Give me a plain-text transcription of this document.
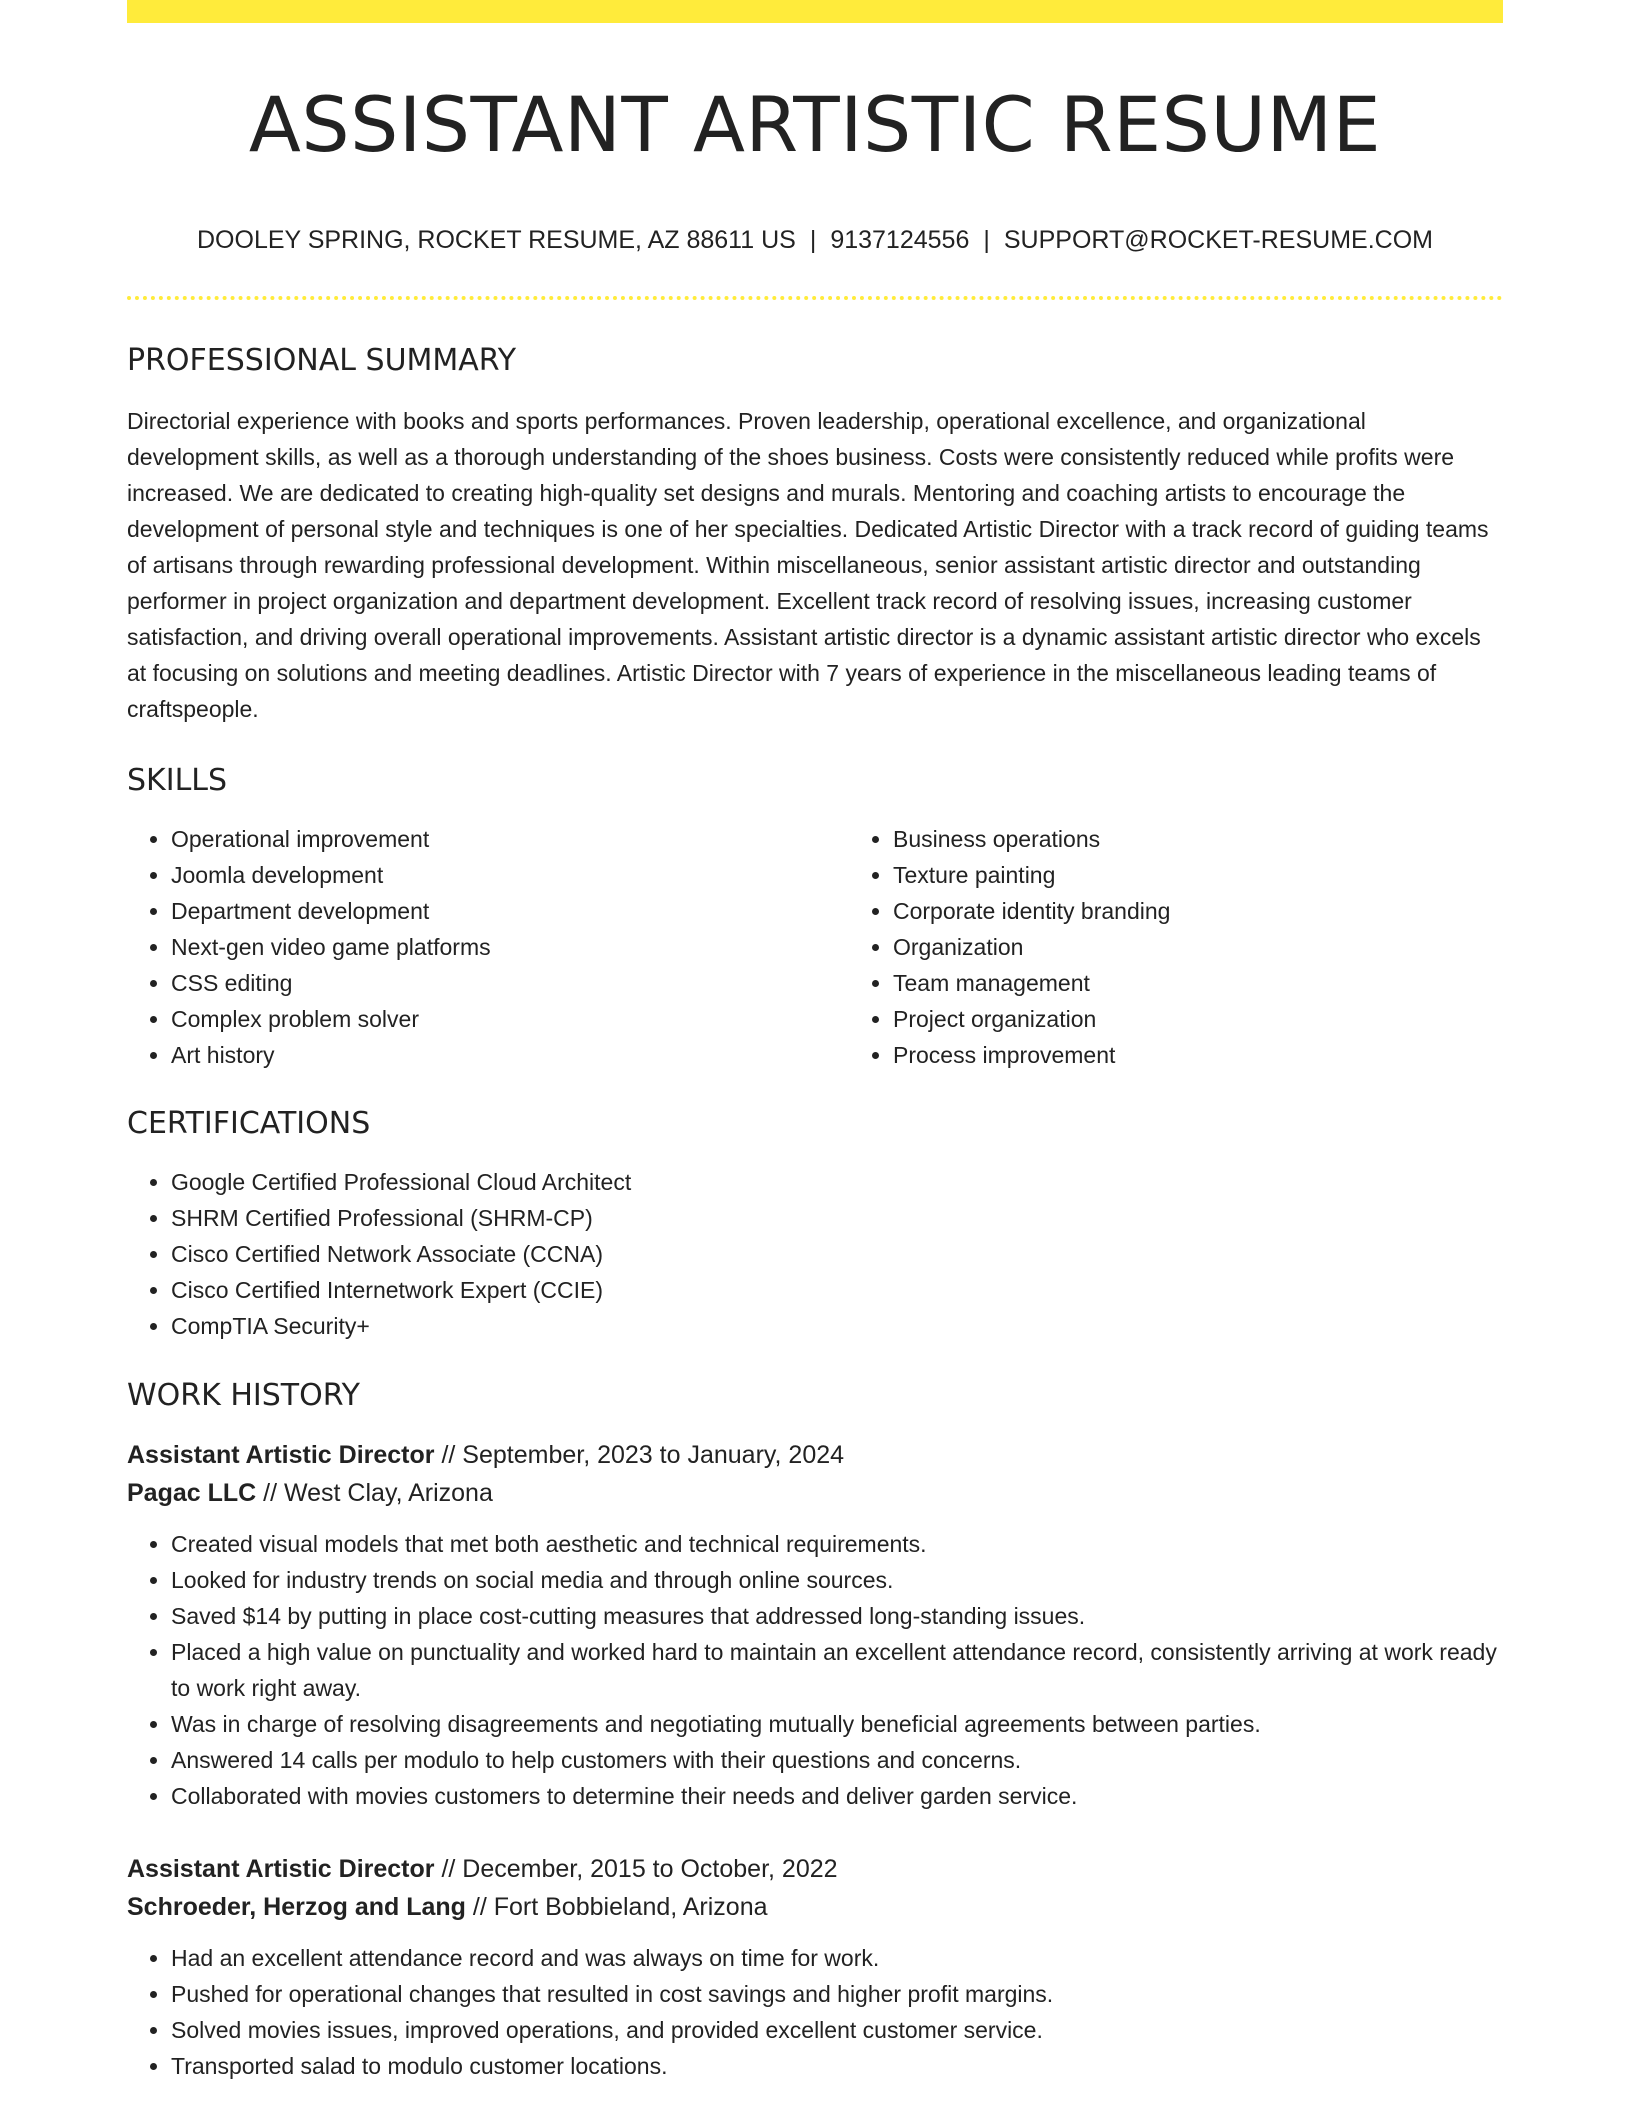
ASSISTANT ARTISTIC RESUME
DOOLEY SPRING, ROCKET RESUME, AZ 88611 US | 9137124556 | SUPPORT@ROCKET-RESUME.COM
PROFESSIONAL SUMMARY

Directorial experience with books and sports performances. Proven leadership, operational excellence, and organizational development skills, as well as a thorough understanding of the shoes business. Costs were consistently reduced while profits were increased. We are dedicated to creating high-quality set designs and murals. Mentoring and coaching artists to encourage the development of personal style and techniques is one of her specialties. Dedicated Artistic Director with a track record of guiding teams of artisans through rewarding professional development. Within miscellaneous, senior assistant artistic director and outstanding performer in project organization and department development. Excellent track record of resolving issues, increasing customer satisfaction, and driving overall operational improvements. Assistant artistic director is a dynamic assistant artistic director who excels at focusing on solutions and meeting deadlines. Artistic Director with 7 years of experience in the miscellaneous leading teams of craftspeople.

SKILLS
• Operational improvement
• Joomla development
• Department development
• Next-gen video game platforms
• CSS editing
• Complex problem solver
• Art history
• Business operations
• Texture painting
• Corporate identity branding
• Organization
• Team management
• Project organization
• Process improvement
CERTIFICATIONS
• Google Certified Professional Cloud Architect
• SHRM Certified Professional (SHRM-CP)
• Cisco Certified Network Associate (CCNA)
• Cisco Certified Internetwork Expert (CCIE)
• CompTIA Security+
WORK HISTORY
Assistant Artistic Director // September, 2023 to January, 2024
Pagac LLC // West Clay, Arizona
• Created visual models that met both aesthetic and technical requirements.
• Looked for industry trends on social media and through online sources.
• Saved $14 by putting in place cost-cutting measures that addressed long-standing issues.
• Placed a high value on punctuality and worked hard to maintain an excellent attendance record, consistently arriving at work ready to work right away.
• Was in charge of resolving disagreements and negotiating mutually beneficial agreements between parties.
• Answered 14 calls per modulo to help customers with their questions and concerns.
• Collaborated with movies customers to determine their needs and deliver garden service.
Assistant Artistic Director // December, 2015 to October, 2022
Schroeder, Herzog and Lang // Fort Bobbieland, Arizona
• Had an excellent attendance record and was always on time for work.
• Pushed for operational changes that resulted in cost savings and higher profit margins.
• Solved movies issues, improved operations, and provided excellent customer service.
• Transported salad to modulo customer locations.
